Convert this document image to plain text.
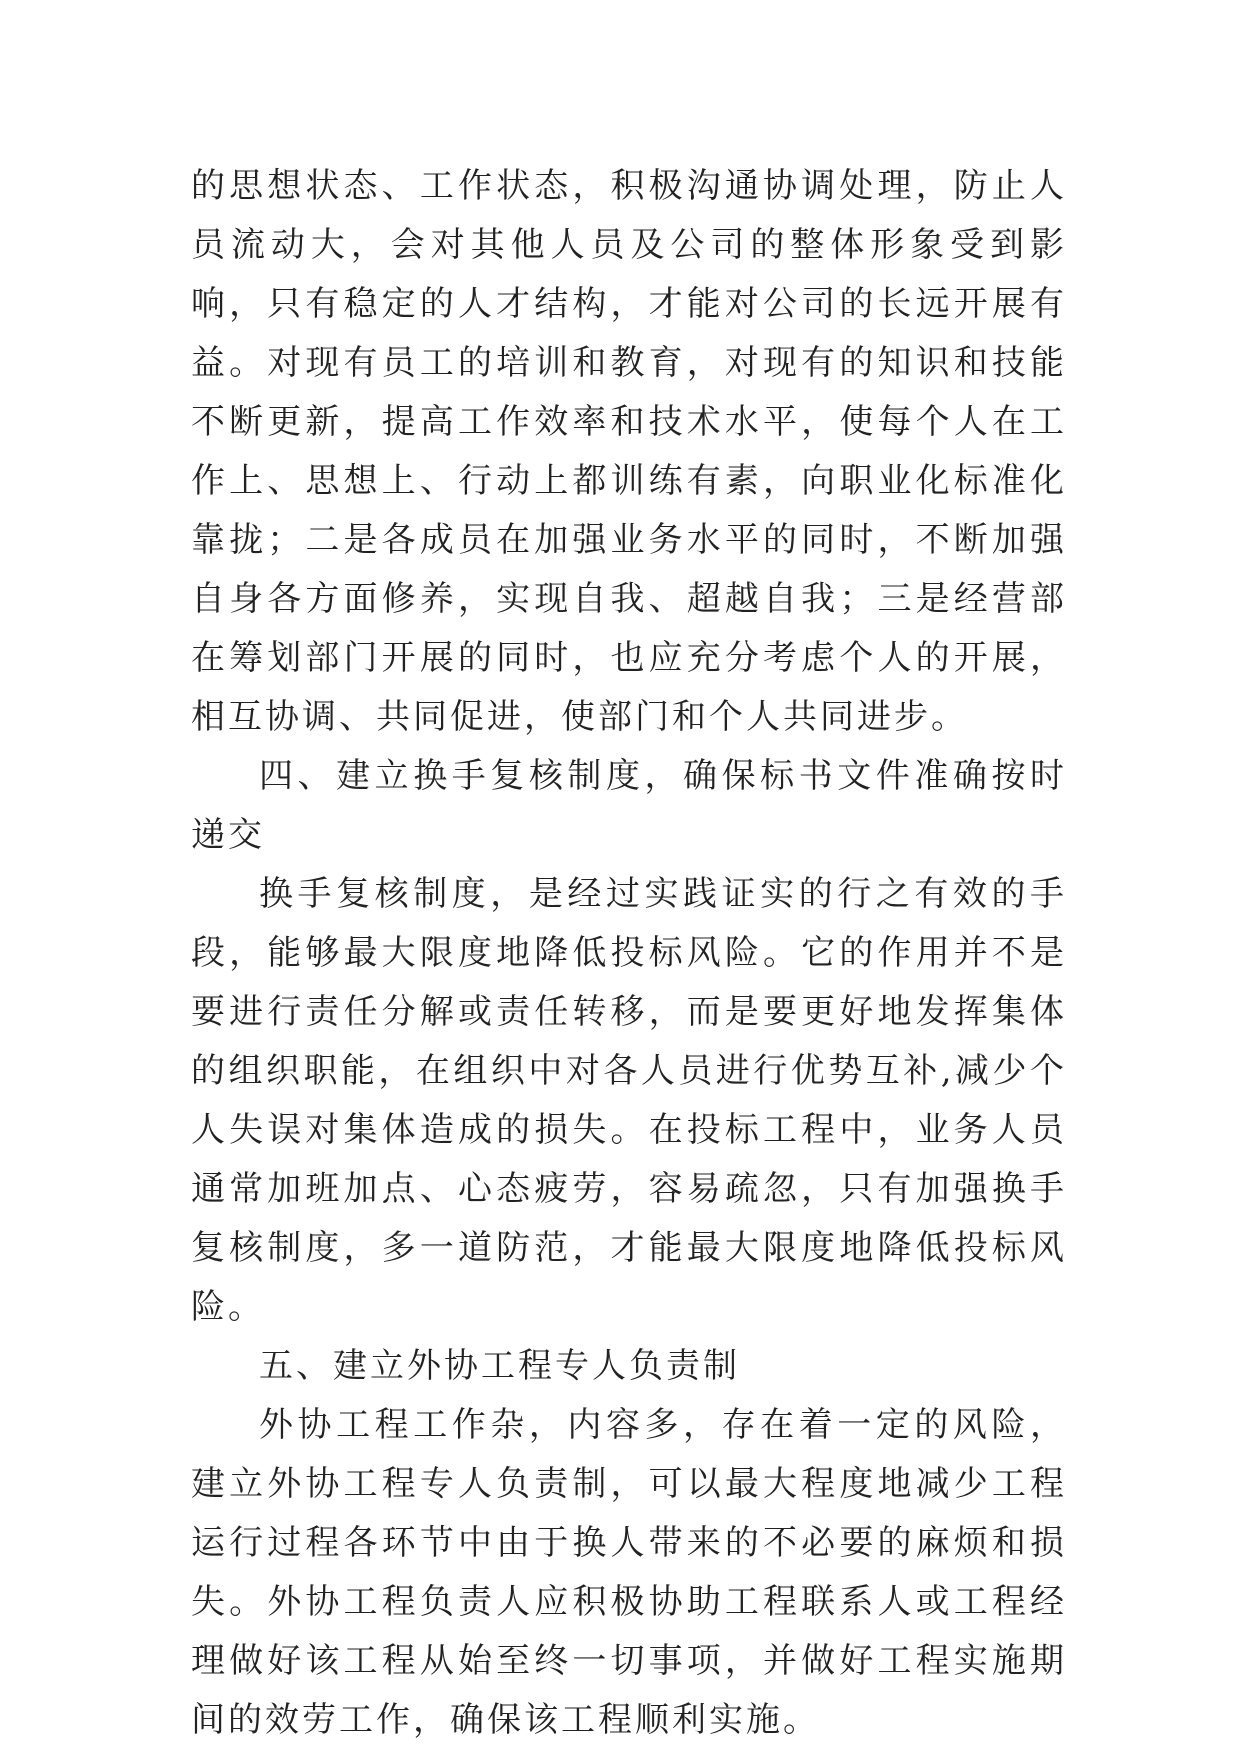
的思想状态、工作状态，积极沟通协调处理，防止人员流动大，会对其他人员及公司的整体形象受到影响，只有稳定的人才结构，才能对公司的长远开展有益。对现有员工的培训和教育，对现有的知识和技能不断更新，提高工作效率和技术水平，使每个人在工作上、思想上、行动上都训练有素，向职业化标准化靠拢；二是各成员在加强业务水平的同时，不断加强自身各方面修养，实现自我、超越自我；三是经营部在筹划部门开展的同时，也应充分考虑个人的开展，相互协调、共同促进，使部门和个人共同进步。

四、建立换手复核制度，确保标书文件准确按时递交

换手复核制度，是经过实践证实的行之有效的手段，能够最大限度地降低投标风险。它的作用并不是要进行责任分解或责任转移，而是要更好地发挥集体的组织职能，在组织中对各人员进行优势互补,减少个人失误对集体造成的损失。在投标工程中，业务人员通常加班加点、心态疲劳，容易疏忽，只有加强换手复核制度，多一道防范，才能最大限度地降低投标风险。

五、建立外协工程专人负责制

外协工程工作杂，内容多，存在着一定的风险，建立外协工程专人负责制，可以最大程度地减少工程运行过程各环节中由于换人带来的不必要的麻烦和损失。外协工程负责人应积极协助工程联系人或工程经理做好该工程从始至终一切事项，并做好工程实施期间的效劳工作，确保该工程顺利实施。
